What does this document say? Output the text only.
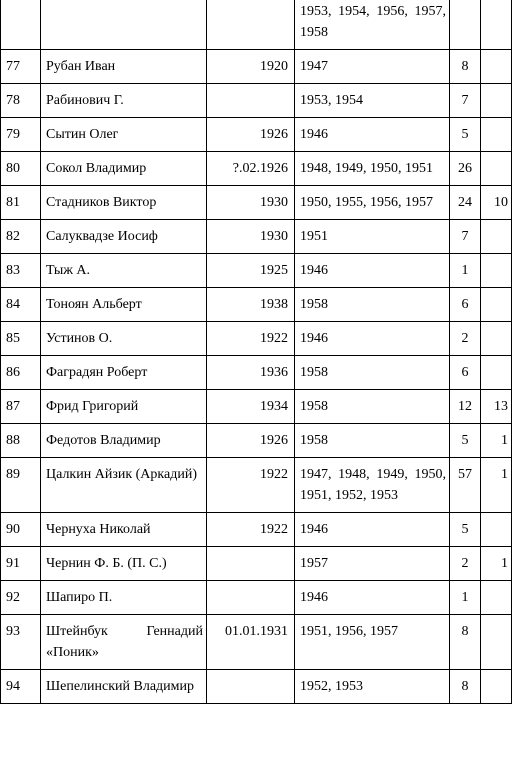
			1953, 1954, 1956, 1957, 1958		
77	Рубан Иван	1920	1947	8	
78	Рабинович Г.		1953, 1954	7	
79	Сытин Олег	1926	1946	5	
80	Сокол Владимир	?.02.1926	1948, 1949, 1950, 1951	26	
81	Стадников Виктор	1930	1950, 1955, 1956, 1957	24	10
82	Салуквадзе Иосиф	1930	1951	7	
83	Тыж А.	1925	1946	1	
84	Тоноян Альберт	1938	1958	6	
85	Устинов О.	1922	1946	2	
86	Фаградян Роберт	1936	1958	6	
87	Фрид Григорий	1934	1958	12	13
88	Федотов Владимир	1926	1958	5	1
89	Цалкин Айзик (Аркадий)	1922	1947, 1948, 1949, 1950, 1951, 1952, 1953	57	1
90	Чернуха Николай	1922	1946	5	
91	Чернин Ф. Б. (П. С.)		1957	2	1
92	Шапиро П.		1946	1	
93	Штейнбук Геннадий «Поник»	01.01.1931	1951, 1956, 1957	8	
94	Шепелинский Владимир		1952, 1953	8	
